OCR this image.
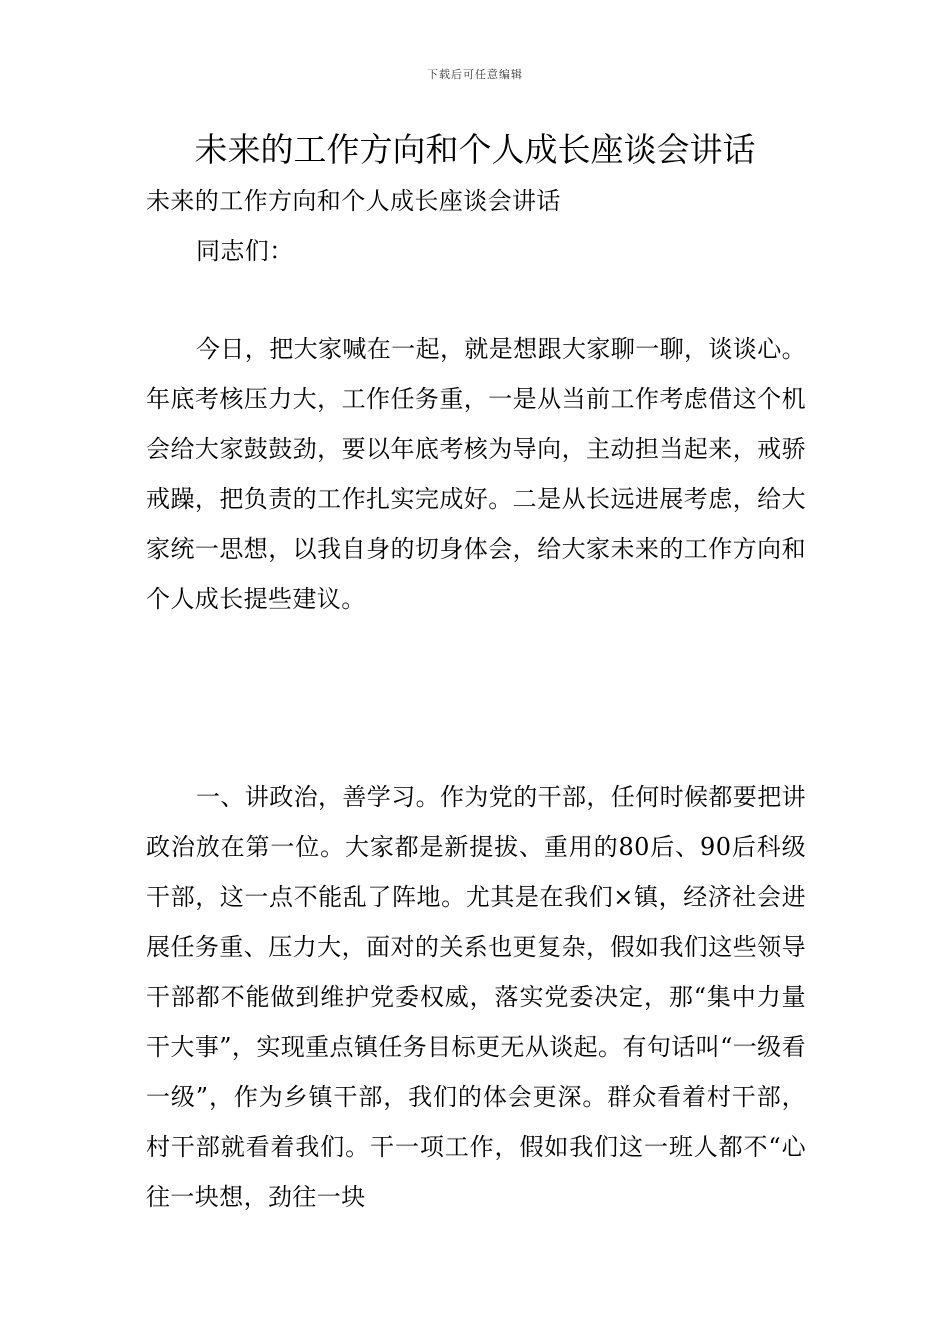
下载后可任意编辑
未来的工作方向和个人成长座谈会讲话
未来的工作方向和个人成长座谈会讲话
同志们：
今日，把大家喊在一起，就是想跟大家聊一聊，谈谈心。年底考核压力大，工作任务重，一是从当前工作考虑借这个机会给大家鼓鼓劲，要以年底考核为导向，主动担当起来，戒骄戒躁，把负责的工作扎实完成好。二是从长远进展考虑，给大家统一思想，以我自身的切身体会，给大家未来的工作方向和个人成长提些建议。
一、讲政治，善学习。作为党的干部，任何时候都要把讲政治放在第一位。大家都是新提拔、重用的80后、90后科级干部，这一点不能乱了阵地。尤其是在我们×镇，经济社会进展任务重、压力大，面对的关系也更复杂，假如我们这些领导干部都不能做到维护党委权威，落实党委决定，那“集中力量干大事”，实现重点镇任务目标更无从谈起。有句话叫“一级看一级”，作为乡镇干部，我们的体会更深。群众看着村干部，村干部就看着我们。干一项工作，假如我们这一班人都不“心往一块想，劲往一块
